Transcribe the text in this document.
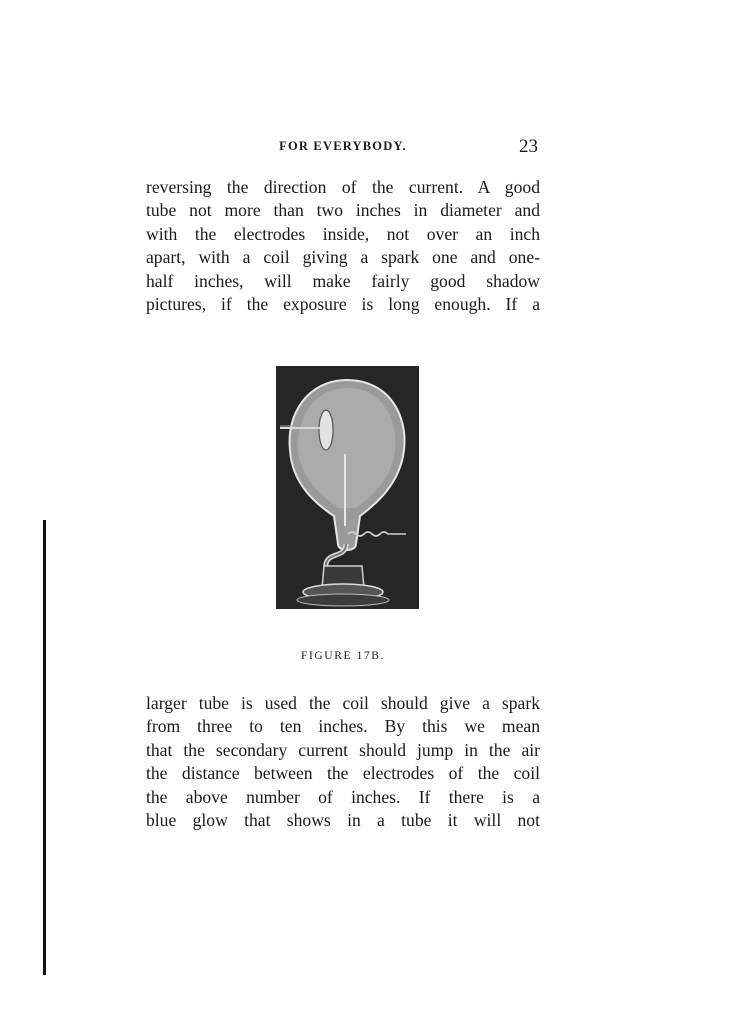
FOR EVERYBODY.	23
reversing the direction of the current. A good
tube not more than two inches in diameter and
with the electrodes inside, not over an inch
apart, with a coil giving a spark one and one-
half inches, will make fairly good shadow
pictures, if the exposure is long enough. If a
FIGURE 17B.
larger tube is used the coil should give a spark
from three to ten inches. By this we mean
that the secondary current should jump in the air
the distance between the electrodes of the coil
the above number of inches. If there is a
blue glow that shows in a tube it will not
